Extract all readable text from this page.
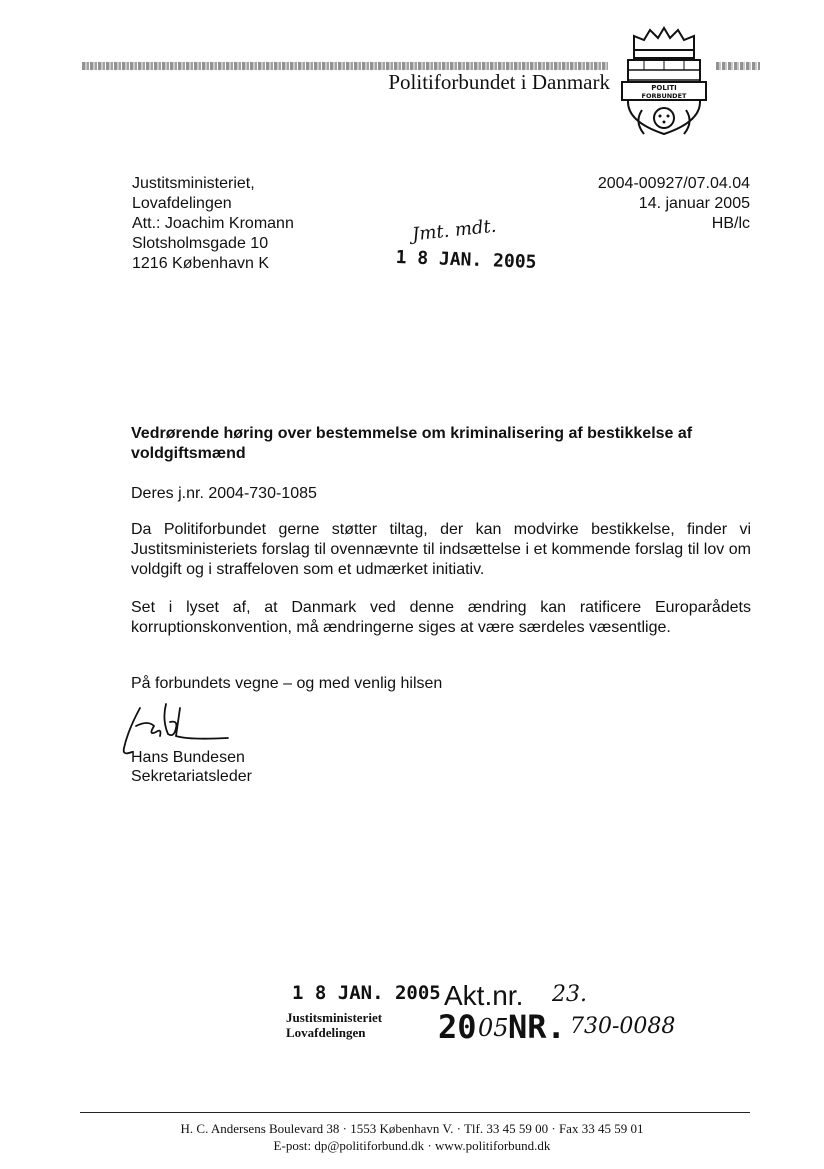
Politiforbundet i Danmark	POLITI
FORBUNDET
Justitsministeriet,
Lovafdelingen
Att.: Joachim Kromann
Slotsholmsgade 10
1216 København K
2004-00927/07.04.04
14. januar 2005
HB/lc
Jmt. mdt.
1 8 JAN. 2005
Vedrørende høring over bestemmelse om kriminalisering af bestikkelse af voldgiftsmænd
Deres j.nr. 2004-730-1085
Da Politiforbundet gerne støtter tiltag, der kan modvirke bestikkelse, finder vi Justitsministeriets forslag til ovennævnte til indsættelse i et kommende forslag til lov om voldgift og i straffeloven som et udmærket initiativ.
Set i lyset af, at Danmark ved denne ændring kan ratificere Europarådets korruptionskonvention, må ændringerne siges at være særdeles væsentlige.
På forbundets vegne – og med venlig hilsen
Hans Bundesen
Sekretariatsleder
1 8 JAN. 2005
Justitsministeriet
Lovafdelingen
Akt.nr. 23.
20 05 NR. 730-0088
H. C. Andersens Boulevard 38 · 1553 København V. · Tlf. 33 45 59 00 · Fax 33 45 59 01
E-post: dp@politiforbund.dk · www.politiforbund.dk
